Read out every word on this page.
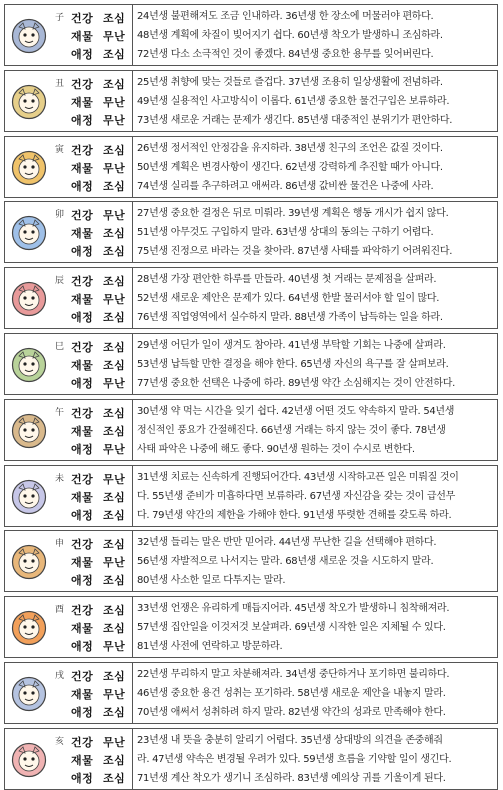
子 건강 조심
재물 무난
애정 조심
24년생 불편해져도 조금 인내하라. 36년생 한 장소에 머물러야 편하다.
48년생 계획에 차질이 빚어지기 쉽다. 60년생 착오가 발생하니 조심하라.
72년생 다소 소극적인 것이 좋겠다. 84년생 중요한 용무를 잊어버린다.
丑 건강 조심
재물 무난
애정 무난
25년생 취향에 맞는 것들로 즐겁다. 37년생 조용히 일상생활에 전념하라.
49년생 실용적인 사고방식이 이롭다. 61년생 중요한 물건구입은 보류하라.
73년생 새로운 거래는 문제가 생긴다. 85년생 대중적인 분위기가 편안하다.
寅 건강 조심
재물 무난
애정 조심
26년생 정서적인 안정감을 유지하라. 38년생 친구의 조언은 값질 것이다.
50년생 계획은 변경사항이 생긴다. 62년생 강력하게 추진할 때가 아니다.
74년생 실리를 추구하려고 애써라. 86년생 값비싼 물건은 나중에 사라.
卯 건강 무난
재물 조심
애정 조심
27년생 중요한 결정은 뒤로 미뤄라. 39년생 계획은 행동 개시가 쉽지 않다.
51년생 아무것도 구입하지 말라. 63년생 상대의 동의는 구하기 어렵다.
75년생 진정으로 바라는 것을 찾아라. 87년생 사태를 파악하기 어려워진다.
辰 건강 조심
재물 무난
애정 조심
28년생 가장 편안한 하루를 만들라. 40년생 첫 거래는 문제점을 살펴라.
52년생 새로운 제안은 문제가 있다. 64년생 한발 물러서야 할 일이 많다.
76년생 직업영역에서 실수하지 말라. 88년생 가족이 납득하는 일을 하라.
巳 건강 조심
재물 조심
애정 무난
29년생 어딘가 일이 생겨도 참아라. 41년생 부탁할 기회는 나중에 살펴라.
53년생 납득할 만한 결정을 해야 한다. 65년생 자신의 욕구를 잘 살펴보라.
77년생 중요한 선택은 나중에 하라. 89년생 약간 소심해지는 것이 안전하다.
午 건강 조심
재물 조심
애정 무난
30년생 약 먹는 시간을 잊기 쉽다. 42년생 어떤 것도 약속하지 말라. 54년생
정신적인 풍요가 간절해진다. 66년생 거래는 하지 않는 것이 좋다. 78년생
사태 파악은 나중에 해도 좋다. 90년생 원하는 것이 수시로 변한다.
未 건강 무난
재물 조심
애정 조심
31년생 치료는 신속하게 진행되어간다. 43년생 시작하고픈 일은 미뤄질 것이
다. 55년생 준비가 미흡하다면 보류하라. 67년생 자신감을 갖는 것이 급선무
다. 79년생 약간의 제한을 가해야 한다. 91년생 뚜렷한 견해를 갖도록 하라.
申 건강 조심
재물 무난
애정 조심
32년생 들리는 말은 반만 믿어라. 44년생 무난한 길을 선택해야 편하다.
56년생 자발적으로 나서지는 말라. 68년생 새로운 것을 시도하지 말라.
80년생 사소한 일로 다투지는 말라.
酉 건강 조심
재물 조심
애정 무난
33년생 언쟁은 유리하게 매듭지어라. 45년생 착오가 발생하니 침착해져라.
57년생 집안일을 이것저것 보살펴라. 69년생 시작한 일은 지체될 수 있다.
81년생 사전에 연락하고 방문하라.
戌 건강 조심
재물 무난
애정 조심
22년생 무리하지 말고 차분해져라. 34년생 중단하거나 포기하면 불리하다.
46년생 중요한 용건 성취는 포기하라. 58년생 새로운 제안을 내놓지 말라.
70년생 애써서 성취하려 하지 말라. 82년생 약간의 성과로 만족해야 한다.
亥 건강 무난
재물 조심
애정 조심
23년생 내 뜻을 충분히 알리기 어렵다. 35년생 상대방의 의견을 존중해줘
라. 47년생 약속은 변경될 우려가 있다. 59년생 흐름을 기약할 일이 생긴다.
71년생 계산 착오가 생기니 조심하라. 83년생 예의상 귀를 기울이게 된다.
